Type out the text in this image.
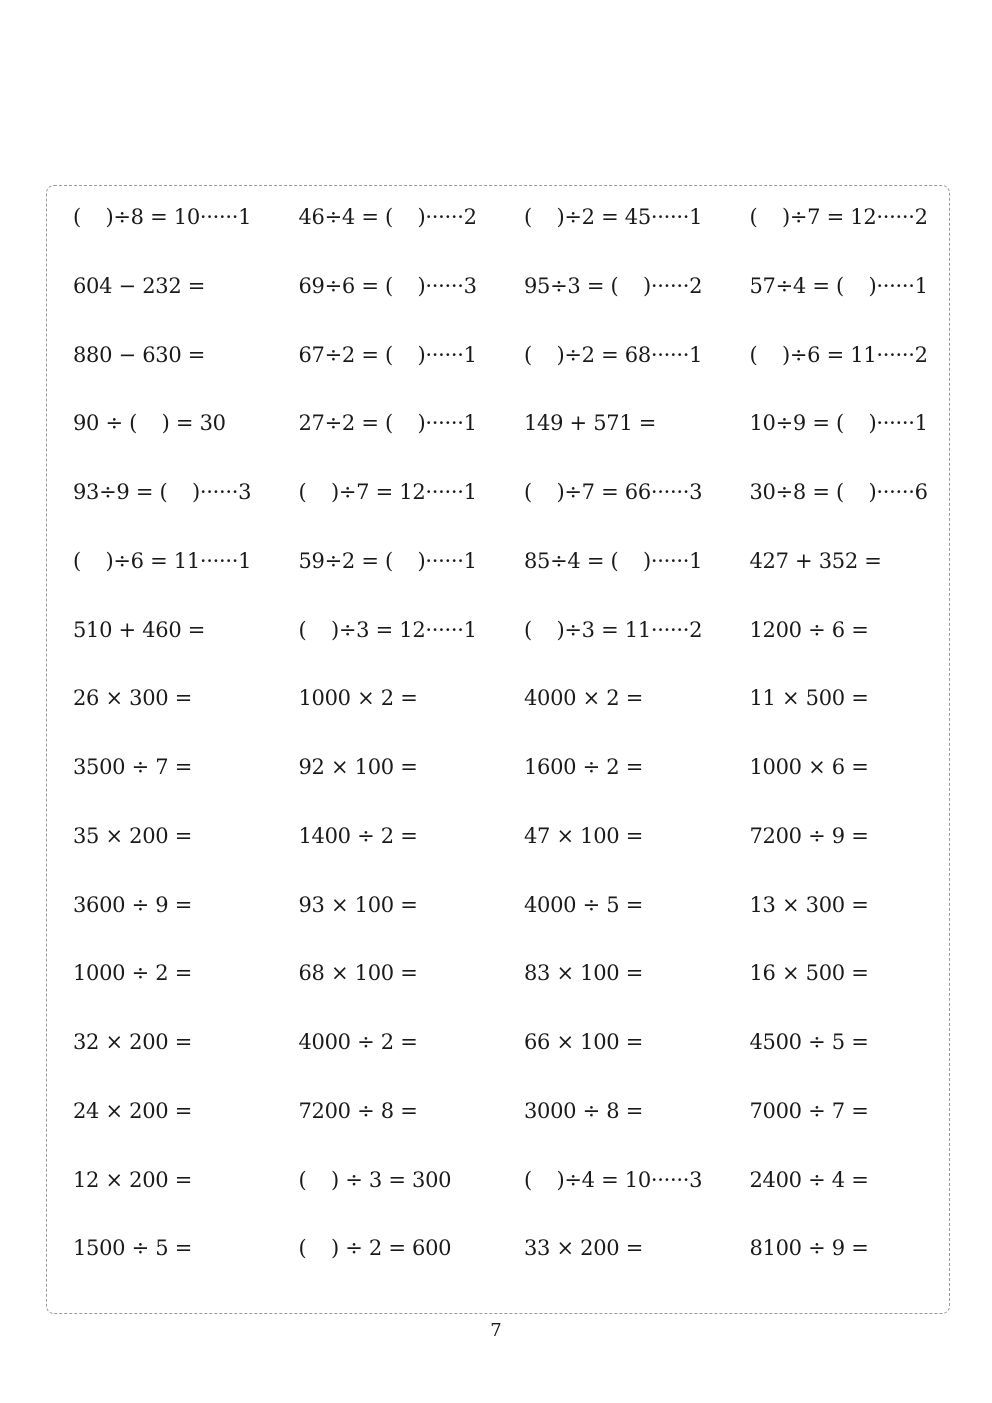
(  )÷8 = 10······1	46÷4 = (  )······2	(  )÷2 = 45······1	(  )÷7 = 12······2
604 − 232 =	69÷6 = (  )······3	95÷3 = (  )······2	57÷4 = (  )······1
880 − 630 =	67÷2 = (  )······1	(  )÷2 = 68······1	(  )÷6 = 11······2
90 ÷ (  ) = 30	27÷2 = (  )······1	149 + 571 =	10÷9 = (  )······1
93÷9 = (  )······3	(  )÷7 = 12······1	(  )÷7 = 66······3	30÷8 = (  )······6
(  )÷6 = 11······1	59÷2 = (  )······1	85÷4 = (  )······1	427 + 352 =
510 + 460 =	(  )÷3 = 12······1	(  )÷3 = 11······2	1200 ÷ 6 =
26 × 300 =	1000 × 2 =	4000 × 2 =	11 × 500 =
3500 ÷ 7 =	92 × 100 =	1600 ÷ 2 =	1000 × 6 =
35 × 200 =	1400 ÷ 2 =	47 × 100 =	7200 ÷ 9 =
3600 ÷ 9 =	93 × 100 =	4000 ÷ 5 =	13 × 300 =
1000 ÷ 2 =	68 × 100 =	83 × 100 =	16 × 500 =
32 × 200 =	4000 ÷ 2 =	66 × 100 =	4500 ÷ 5 =
24 × 200 =	7200 ÷ 8 =	3000 ÷ 8 =	7000 ÷ 7 =
12 × 200 =	(  ) ÷ 3 = 300	(  )÷4 = 10······3	2400 ÷ 4 =
1500 ÷ 5 =	(  ) ÷ 2 = 600	33 × 200 =	8100 ÷ 9 =
7
